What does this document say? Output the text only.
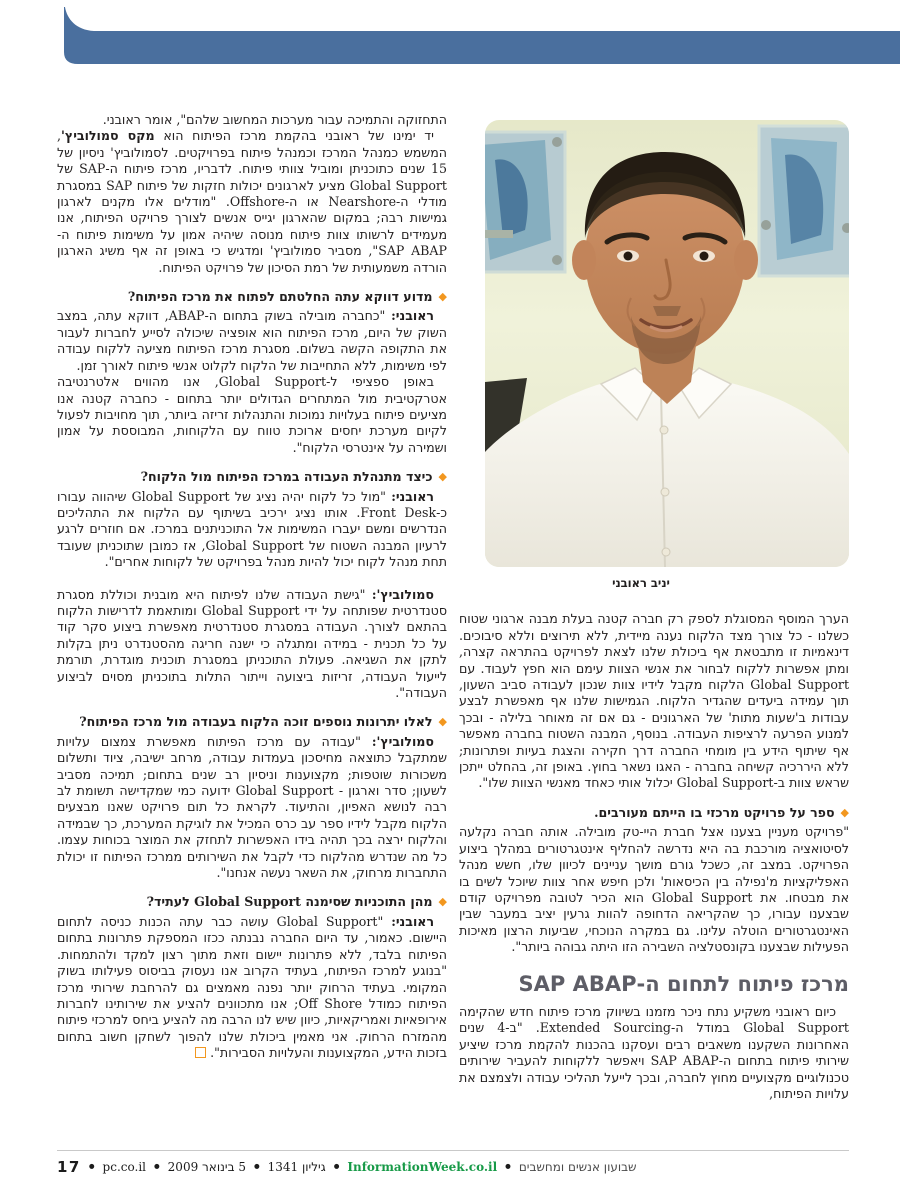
התחזוקה והתמיכה עבור מערכות המחשוב שלהם", אומר ראובני.

יד ימינו של ראובני בהקמת מרכז הפיתוח הוא מקס סמולוביץ', המשמש כמנהל המרכז וכמנהל פיתוח בפרויקטים. לסמולוביץ' ניסיון של 15 שנים כתוכניתן ומוביל צוותי פיתוח. לדבריו, מרכז פיתוח ה-SAP של Global Support מציע לארגונים יכולות חזקות של פיתוח SAP במסגרת מודלי ה-Nearshore או ה-Offshore. "מודלים אלו מקנים לארגון גמישות רבה; במקום שהארגון יגייס אנשים לצורך פרויקט הפיתוח, אנו מעמידים לרשותו צוות פיתוח מנוסה שיהיה אמון על משימות פיתוח ה-SAP ABAP", מסביר סמולוביץ' ומדגיש כי באופן זה אף משיג הארגון הורדה משמעותית של רמת הסיכון של פרויקט הפיתוח.

◆מדוע דווקא עתה החלטתם לפתוח את מרכז הפיתוח?

ראובני: "כחברה מובילה בשוק בתחום ה-ABAP, דווקא עתה, במצב השוק של היום, מרכז הפיתוח הוא אופציה שיכולה לסייע לחברות לעבור את התקופה הקשה בשלום. מסגרת מרכז הפיתוח מציעה ללקוח עבודה לפי משימות, ללא התחייבות של הלקוח לקלוט אנשי פיתוח לאורך זמן.

באופן ספציפי ל-Global Support, אנו מהווים אלטרנטיבה אטרקטיבית מול המתחרים הגדולים יותר בתחום - כחברה קטנה אנו מציעים פיתוח בעלויות נמוכות והתנהלות זריזה ביותר, תוך מחויבות לפעול לקיום מערכת יחסים ארוכת טווח עם הלקוחות, המבוססת על אמון ושמירה על אינטרסי הלקוח".

◆כיצד מתנהלת העבודה במרכז הפיתוח מול הלקוח?

ראובני: "מול כל לקוח יהיה נציג של Global Support שיהווה עבורו כ-Front Desk. אותו נציג ירכיב בשיתוף עם הלקוח את התהליכים הנדרשים ומשם יעברו המשימות אל התוכניתנים במרכז. אם חוזרים לרגע לרעיון המבנה השטוח של Global Support, אז כמובן שתוכניתן שעובד תחת מנהל לקוח יכול להיות מנהל בפרויקט של לקוחות אחרים".

סמולוביץ': "גישת העבודה שלנו לפיתוח היא מובנית וכוללת מסגרת סטנדרטית שפותחה על ידי Global Support ומותאמת לדרישות הלקוח בהתאם לצורך. העבודה במסגרת סטנדרטית מאפשרת ביצוע סקר קוד על כל תכנית - במידה ומתגלה כי ישנה חריגה מהסטנדרט ניתן בקלות לתקן את השגיאה. פעולת התוכניתן במסגרת תוכנית מוגדרת, תורמת לייעול העבודה, זריזות ביצועה וייתור התלות בתוכניתן מסוים לביצוע העבודה".

◆לאלו יתרונות נוספים זוכה הלקוח בעבודה מול מרכז הפיתוח?

סמולוביץ': "עבודה עם מרכז הפיתוח מאפשרת צמצום עלויות שמתקבל כתוצאה מחיסכון בעמדות עבודה, מרחב ישיבה, ציוד ותשלום משכורות שוטפות; מקצוענות וניסיון רב שנים בתחום; תמיכה מסביב לשעון; סדר וארגון - Global Support ידועה כמי שמקדישה תשומת לב רבה לנושא האפיון, והתיעוד. לקראת כל תום פרויקט שאנו מבצעים הלקוח מקבל לידיו ספר עב כרס המכיל את לוגיקת המערכת, כך שבמידה והלקוח ירצה בכך תהיה בידו האפשרות לתחזק את המוצר בכוחות עצמו. כל מה שנדרש מהלקוח כדי לקבל את השירותים ממרכז הפיתוח זו יכולת התחברות מרחוק, את השאר נעשה אנחנו".

◆מהן התוכניות שסימנה Global Support לעתיד?

ראובני: "Global Support עושה כבר עתה הכנות כניסה לתחום היישום. כאמור, עד היום החברה נבנתה ככזו המספקת פתרונות בתחום הפיתוח בלבד, ללא פתרונות יישום וזאת מתוך רצון למקד ולהתמחות. "בנוגע למרכז הפיתוח, בעתיד הקרוב אנו נעסוק בביסוס פעילותו בשוק המקומי. בעתיד הרחוק יותר נפנה מאמצים גם להרחבת שירותי מרכז הפיתוח כמודל Off Shore; אנו מתכוונים להציע את שירותינו לחברות אירופאיות ואמריקאיות, כיוון שיש לנו הרבה מה להציע ביחס למרכזי פיתוח מהמזרח הרחוק. אני מאמין ביכולת שלנו להפוך לשחקן חשוב בתחום בזכות הידע, המקצוענות והעלויות הסבירות".

יניב ראובני

הערך המוסף המסוגלת לספק רק חברה קטנה בעלת מבנה ארגוני שטוח כשלנו - כל צורך מצד הלקוח נענה מיידית, ללא תירוצים וללא סיבוכים. דינאמיות זו מתבטאת אף ביכולת שלנו לצאת לפרויקט בהתראה קצרה, ומתן אפשרות ללקוח לבחור את אנשי הצוות עימם הוא חפץ לעבוד. עם Global Support הלקוח מקבל לידיו צוות שנכון לעבודה סביב השעון, תוך עמידה ביעדים שהגדיר הלקוח. הגמישות שלנו אף מאפשרת לבצע עבודות ב'שעות מתות' של הארגונים - גם אם זה מאוחר בלילה - ובכך למנוע הפרעה לרציפות העבודה. בנוסף, המבנה השטוח בחברה מאפשר אף שיתוף הידע בין מומחי החברה דרך חקירה והצגת בעיות ופתרונות; ללא היררכיה קשיחה בחברה - האגו נשאר בחוץ. באופן זה, בהחלט ייתכן שראש צוות ב-Global Support יכלול אותי כאחד מאנשי הצוות שלו".

◆ספר על פרויקט מרכזי בו הייתם מעורבים.

"פרויקט מעניין בצענו אצל חברת היי-טק מובילה. אותה חברה נקלעה לסיטואציה מורכבת בה היא נדרשה להחליף אינטגרטורים במהלך ביצוע הפרויקט. במצב זה, כשכל גורם מושך עניינים לכיוון שלו, חשש מנהל האפליקציות מ'נפילה בין הכיסאות' ולכן חיפש אחר צוות שיוכל לשים בו את מבטחו. את Global Support הוא הכיר לטובה מפרויקט קודם שבצענו עבורו, כך שהקריאה הדחופה להוות גרעין יציב במעבר שבין האינטגרטורים הוטלה עלינו. גם במקרה הנוכחי, שביעות הרצון מאיכות הפעילות שבצענו בקונסטלציה השבירה הזו היתה גבוהה ביותר".

מרכז פיתוח לתחום ה-SAP ABAP

כיום ראובני משקיע נתח ניכר מזמנו בשיווק מרכז פיתוח חדש שהקימה Global Support במודל ה-Extended Sourcing. "ב-4 שנים האחרונות השקענו משאבים רבים ועסקנו בהכנות להקמת מרכז שיציע שירותי פיתוח בתחום ה-SAP ABAP ויאפשר ללקוחות להעביר שירותים טכנולוגיים מקצועיים מחוץ לחברה, ובכך לייעל תהליכי עבודה ולצמצם את עלויות הפיתוח,

17 ● pc.co.il ● 5 בינואר 2009 ● גיליון 1341 ● InformationWeek.co.il ● שבועון אנשים ומחשבים
